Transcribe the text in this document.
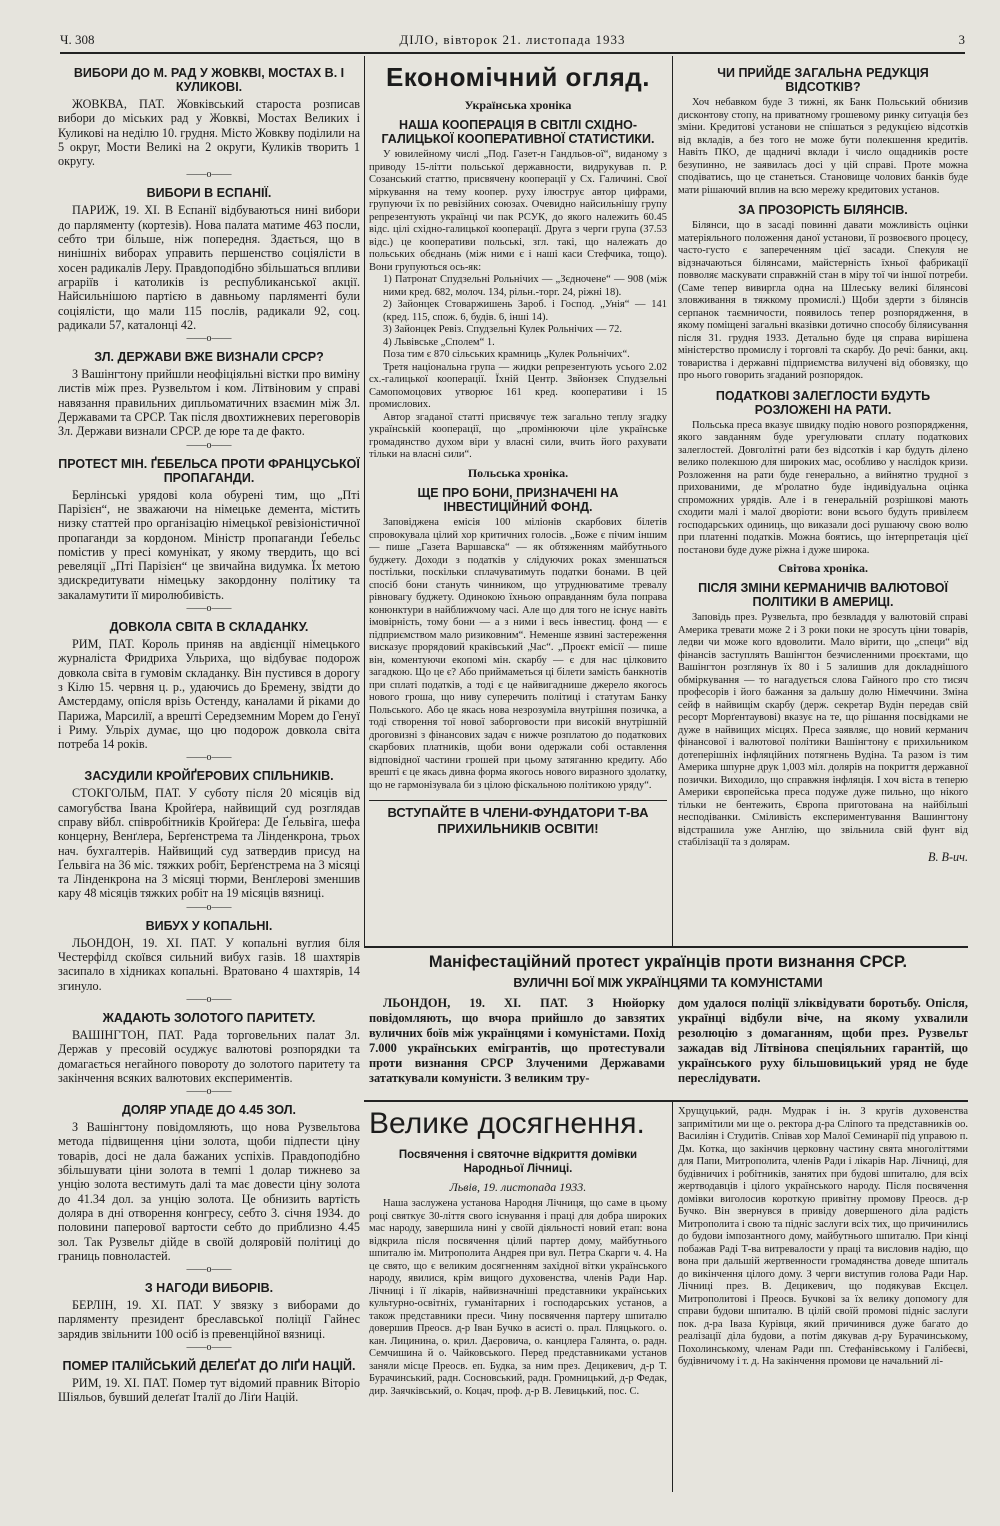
Ч. 308	ДІЛО, вівторок 21. листопада 1933	3
ВИБОРИ ДО М. РАД У ЖОВКВІ, МОСТАХ В. І КУЛИКОВІ.

ЖОВКВА, ПАТ. Жовківський староста розписав вибори до міських рад у Жовкві, Мостах Великих і Куликові на неділю 10. грудня. Місто Жовкву поділили на 5 округ, Мости Великі на 2 округи, Куликів творить 1 округу.

——о——
ВИБОРИ В ЕСПАНІЇ.

ПАРИЖ, 19. XI. В Еспанії відбуваються нині вибори до парляменту (кортезів). Нова палата матиме 463 посли, себто три більше, ніж попередня. Здається, що в нинішніх виборах управить першенство соціялісти в хосен радикалів Леру. Правдоподібно збільшаться впливи аграріїв і католиків із республиканської акції. Найсильнішою партією в давньому парляменті були соціялісти, що мали 115 послів, радикали 92, соц. радикали 57, каталонці 42.

——о——
ЗЛ. ДЕРЖАВИ ВЖЕ ВИЗНАЛИ СРСР?

З Вашінгтону прийшли неофіціяльні вістки про виміну листів між през. Рузвельтом і ком. Літвіновим у справі навязання правильних дипльоматичних взаємин між Зл. Державами та СРСР. Так після двохтижневих переговорів Зл. Держави визнали СРСР. де юре та де факто.

——о——
ПРОТЕСТ МІН. ҐЕБЕЛЬСА ПРОТИ ФРАНЦУСЬКОЇ ПРОПАГАНДИ.

Берлінські урядові кола обурені тим, що „Пті Парізієн“, не зважаючи на німецьке демента, містить низку статтей про організацію німецької ревізіоністичної пропаганди за кордоном. Міністр пропаганди Ґебельс помістив у пресі комунікат, у якому твердить, що всі ревеляції „Пті Парізієн“ це звичайна видумка. Їх метою здискредитувати німецьку закордонну політику та закаламутити її миролюбивість.

——о——
ДОВКОЛА СВІТА В СКЛАДАНКУ.

РИМ, ПАТ. Король приняв на авдієнції німецького журналіста Фридриха Ульриха, що відбуває подорож довкола світа в гумовім складанку. Він пустився в дорогу з Кілю 15. червня ц. р., удаючись до Бремену, звідти до Амстердаму, опісля врізь Остенду, каналами й ріками до Парижа, Марсилії, а врешті Середземним Морем до Генуї і Риму. Ульріх думає, що цю подорож довкола світа потреба 14 років.

——о——
ЗАСУДИЛИ КРОЙҐЕРОВИХ СПІЛЬНИКІВ.

СТОКГОЛЬМ, ПАТ. У суботу після 20 місяців від самогубства Івана Кройґера, найвищий суд розглядав справу вйбл. співробітників Кройґера: Де Ґельвіга, шефа концерну, Венґлера, Берґенстрема та Лінденкрона, трьох нач. бухгалтерів. Найвищий суд затвердив присуд на Ґельвіга на 36 міс. тяжких робіт, Берґенстрема на 3 місяці та Лінденкрона на 3 місяці тюрми, Венґлерові зменшив кару 48 місяців тяжких робіт на 19 місяців вязниці.

——о——
ВИБУХ У КОПАЛЬНІ.

ЛЬОНДОН, 19. XI. ПАТ. У копальні вуглия біля Честерфілд скоївся сильний вибух газів. 18 шахтярів засипало в хідниках копальні. Вратовано 4 шахтярів, 14 згинуло.

——о——
ЖАДАЮТЬ ЗОЛОТОГО ПАРИТЕТУ.

ВАШІНГТОН, ПАТ. Рада торговельних палат Зл. Держав у пресовій осуджує валютові розпорядки та домагається негайного повороту до золотого паритету та закінчення всяких валютових експериментів.

——о——
ДОЛЯР УПАДЕ ДО 4.45 ЗОЛ.

З Вашінгтону повідомляють, що нова Рузвельтова метода підвищення ціни золота, щоби підпести ціну товарів, досі не дала бажаних успіхів. Правдоподібно збільшувати ціни золота в темпі 1 долар тижнево за унцію золота вестимуть далі та має довести ціну золота до 41.34 дол. за унцію золота. Це обнизить вартість доляра в дні отворення конгресу, себто 3. січня 1934. до половини паперової вартости себто до приблизно 4.45 зол. Так Рузвельт дійде в своїй доляровій політиці до границь повноластей.

——о——
З НАГОДИ ВИБОРІВ.

БЕРЛІН, 19. XI. ПАТ. У звязку з виборами до парляменту президент бреславської поліції Гайнес зарядив звільнити 100 осіб із превенційної вязниці.

——о——
ПОМЕР ІТАЛІЙСЬКИЙ ДЕЛЕҐАТ ДО ЛІҐИ НАЦІЙ.

РИМ, 19. XI. ПАТ. Помер тут відомий правник Віторіо Шіяльов, бувший делеґат Італії до Ліґи Націй.

Економічний огляд.
Українська хроніка
НАША КООПЕРАЦІЯ В СВІТЛІ СХІДНО-ГАЛИЦЬКОЇ КООПЕРАТИВНОЇ СТАТИСТИКИ.

У ювилейному числі „Под. Газет-н Гандльов-ої“, виданому з приводу 15-літти польської державности, видрукував п. Р. Созанський статтю, присвячену кооперації у Сх. Галичині. Свої міркування на тему коопер. руху ілюструє автор цифрами, групуючи їх по ревізійних союзах. Очевидно найсильнішу групу репрезентують українці чи пак РСУК, до якого належить 60.45 відс. цілі східно-галицької кооперації. Друга з черги група (37.53 відс.) це кооперативи польські, згл. такі, що належать до польських обєднань (між ними є і наші каси Стефчика, тощо). Вони групуються ось-як:

1) Патронат Спудзельні Рольнічих — „Зєдночене“ — 908 (між ними кред. 682, молоч. 134, рільн.-торг. 24, ріжні 18).
2) Зайонцек Стоваржишень Зароб. і Господ. „Унія“ — 141 (кред. 115, спож. 6, будів. 6, інші 14).
3) Зайонцек Ревіз. Спудзельні Кулек Рольнічих — 72.
4) Львівське „Сполем“ 1.

Поза тим є 870 сільських крамниць „Кулек Рольнічих“.

Третя національна група — жидки репрезентують усього 2.02 сх.-галицької кооперації. Їхній Центр. Звйонзек Спудзельні Самопомоцових утворює 161 кред. кооперативи і 15 промислових.

Автор згаданої статті присвячує теж загально теплу згадку українській кооперації, що „промінюючи ціле українське громадянство духом віри у власні сили, вчить його рахувати тільки на власні сили“.

Польська хроніка.
ЩЕ ПРО БОНИ, ПРИЗНАЧЕНІ НА ІНВЕСТИЦІЙНИЙ ФОНД.

Заповіджена емісія 100 міліонів скарбових білетів спровокувала цілий хор критичних голосів. „Боже є пічим іншим — пише „Газета Варшавска“ — як обтяженням майбутнього буджету. Доходи з податків у слідуючих роках зменшаться постільки, поскільки сплачуватимуть податки бонами. В цей спосіб бони стануть чинником, що утруднюватиме тревалу рівновагу буджету. Одинокою їхньою оправданням була поправа конюнктури в найближчому часі. Але що для того не існує навіть імовірність, тому бони — а з ними і весь інвестиц. фонд — є підприємством мало ризиковним“. Неменше язвині застереження висказує прорядовий краківський „Час“. „Проєкт емісії — пише він, коментуючи екопомі мін. скарбу — є для нас цілковито загадкою. Що це є? Або приймаметься ці білети замість банкнотів при сплаті податків, а тоді є це найвигаднише джерело якогось нового гроша, що ниву суперечить політиці і статутам Банку Польського. Або це якась нова незрозуміла внутрішня позичка, а тоді створення тої нової заборговости при високій внутрішній дроговизні з фінансових задач є нижче розплатою до податкових скарбових платників, щоби вони одержали собі оставлення відповідної частини грошей при цьому затяганню кредиту. Або врешті є це якась дивна форма якогось нового виразного здолатку, що не гармонізувала би з цілою фіскальною політикою уряду“.

ВСТУПАЙТЕ В ЧЛЕНИ-ФУНДАТОРИ Т-ВА ПРИХИЛЬНИКІВ ОСВІТИ!
ЧИ ПРИЙДЕ ЗАГАЛЬНА РЕДУКЦІЯ ВІДСОТКІВ?

Хоч небавком буде 3 тижні, як Банк Польський обнизив дисконтову стопу, на приватному грошевому ринку ситуація без зміни. Кредитові установи не спішаться з редукцією відсотків від вкладів, а без того не може бути полекшення кредитів. Навіть ПКО, де щадничі вклади і число ощадників росте безупинно, не заявилась досі у цій справі. Проте можна сподіватись, що це станеться. Становище чолових банків буде мати рішаючий вплив на всю мережу кредитових установ.

ЗА ПРОЗОРІСТЬ БІЛЯНСІВ.

Білянси, що в засаді повинні давати можливість оцінки матеріяльного положення даної установи, її розвоєвого процесу, часто-густо є запереченням цієї засади. Спекуля не відзначаються білянсами, майстерність їхньої фабрикації повволяє маскувати справжній стан в міру тої чи іншої потреби. (Саме тепер вивиргла одна на Шлеську великі білянсові зловживання в тяжкому промислі.) Щоби здерти з білянсів серпанок таємничости, появилось тепер розпорядження, в якому поміщені загальні вказівки дотично способу біляисування після 31. грудня 1933. Детально буде ця справа вирішена міністерство промислу і торговлі та скарбу. До речі: банки, акц. товариства і державні підприємства вилучені від обовязку, що про нього говорить згаданий розпорядок.

ПОДАТКОВІ ЗАЛЕГЛОСТИ БУДУТЬ РОЗЛОЖЕНІ НА РАТИ.

Польська преса вказує швидку подію нового розпорядження, якого завданням буде урегулювати сплату податкових залеглостей. Довголітні рати без відсотків і кар будуть ділено велико полекшою для широких мас, особливо у наслідок кризи. Розложення на рати буде генерально, а вийнятно трудної з прихованими, де м'ролатно буде індивідуальна оцінка спроможних урядів. Але і в генеральній розрішкові мають сходити малі і малої дворіоти: вони всього будуть привілеєм господарських одиниць, що виказали досі рушаючу свою волю при платенні податків. Можна боятись, що інтерпретація цієї постанови буде дуже ріжна і дуже широка.

Світова хроніка.
ПІСЛЯ ЗМІНИ КЕРМАНИЧІВ ВАЛЮТОВОЇ ПОЛІТИКИ В АМЕРИЦІ.

Заповідь през. Рузвельта, про безвладдя у валютовій справі Америка тревати може 2 і 3 роки поки не зросуть ціни товарів, ледви чи може кого вдоволити. Мало вірити, що „специ“ від фінансів заступлять Вашінгтон безчисленними проєктами, що Вашінгтон розглянув їх 80 і 5 залишив для докладнішого обміркування — то нагадується слова Гайного про сто тисяч професорів і його бажання за дальшу долю Німеччини. Зміна сейф в найвищім скарбу (держ. секретар Вудін передав свій ресорт Морґентаувові) вказує на те, що рішання посвідками не дуже в найвищих місцях. Преса заявляє, що новий керманич фінансової і валютової політики Вашінгтону є прихильником дотеперішніх інфляційних потягнень Вудіна. Та разом із тим Америка шпурне друк 1,003 міл. долярів на покриття державної позички. Виходило, що справжня інфляція. І хоч віста в теперю Америки європейська преса подуже дуже пильно, що нікого тільки не бентежить, Європа приготована на найбільші несподіванки. Сміливість експериментування Вашингтону відстрашила уже Англію, що звільнила свій фунт від стабілізації та з долярам.

В. В-ич.
Маніфестаційний протест українців проти визнання СРСР.
ВУЛИЧНІ БОЇ МІЖ УКРАЇНЦЯМИ ТА КОМУНІСТАМИ

ЛЬОНДОН, 19. XI. ПАТ. З Нюйорку повідомляють, що вчора прийшло до завзятих вуличних боїв між українцями і комуністами. Похід 7.000 українських емігрантів, що протестували проти визнання СРСР Злученими Державами зататкували комуністи. З великим тру-

дом удалося поліції зліквідувати боротьбу. Опісля, українці відбули віче, на якому ухвалили резолюцію з домаганням, щоби през. Рузвельт зажадав від Літвінова спеціяльних гарантій, що українського руху більшовицький уряд не буде переслідувати.

Велике досягнення.
Посвячення і святочне відкриття домівки Народньої Лічниці.
Львів, 19. листопада 1933.

Наша заслужена установа Народня Лічниця, що саме в цьому році святкує 30-ліття свого існування і праці для добра широких мас народу, завершила нині у своїй діяльності новий етап: вона відкрила після посвячення цілий партер дому, майбутнього шпиталю ім. Митрополита Андрея при вул. Петра Скарги ч. 4. На це свято, що є великим досягненням західної вітки українського народу, явилися, крім вищого духовенства, членів Ради Нар. Лічниці і її лікарів, найвизначніші представники українських культурно-освітніх, гуманітарних і господарських установ, а також представники преси. Чину посвячення партеру шпиталю довершив Преосв. д-р Іван Бучко в асисті о. прал. Пляцького. о. кан. Лицинина, о. крил. Даєровича, о. канцлера Галянта, о. радн. Семчишина й о. Чайковського. Перед представниками установ заняли місце Преосв. еп. Будка, за ним през. Децикевич, д-р Т. Бурачинський, радн. Сосновський, радн. Громницький, д-р Федак, дир. Заячківський, о. Коцач, проф. д-р В. Левицький, пос. С.

Хрущуцький, радн. Мудрак і ін. З кругів духовенства запримітили ми ще о. ректора д-ра Сліпого та представників оо. Василіян і Студитів. Співав хор Малої Семинарії під управою п. Дм. Котка, що закінчив церковну частину свята многоліттями для Папи, Митрополита, членів Ради і лікарів Нар. Лічниці, для будівничих і робітників, занятих при будові шпиталю, для всіх жертводавців і цілого українського народу. Після посвячення домівки виголосив короткую привітну промову Преосв. д-р Бучко. Він звернувся в привіду довершеного діла радість Митрополита і свою та підніс заслуги всіх тих, що причинились до будови імпозантного дому, майбутнього шпиталю. При кінці побажав Раді Т-ва витревалости у праці та висловив надію, що вона при дальшій жертвенности громадянства доведе шпиталь до викінчення цілого дому. З черги виступив голова Ради Нар. Лічниці през. В. Децикевич, що подякував Ексцел. Митрополитові і Преосв. Бучкові за їх велику допомогу для справи будови шпиталю. В цілій своїй промові підніс заслуги пок. д-ра Іваза Курівця, який причинився дуже багато до реалізації діла будови, а потім дякував д-ру Бурачинському, Похолинському, членам Ради пп. Стефанівському і Галібеєві, будівничому і т. д. На закінчення промови це начальний лі-
